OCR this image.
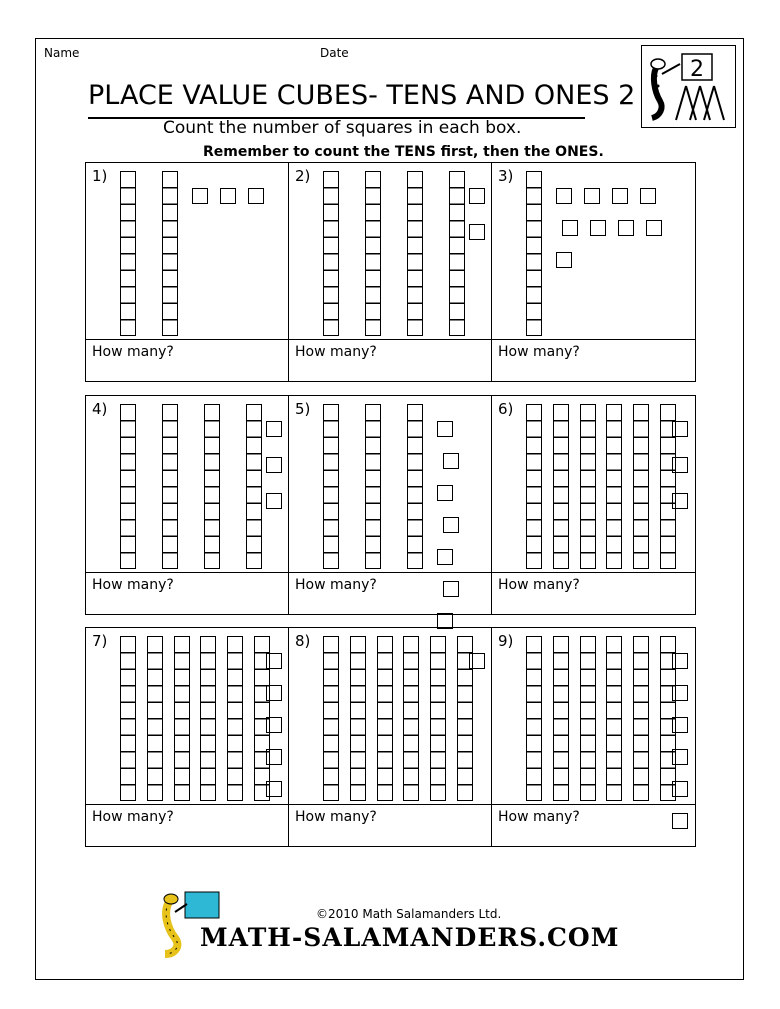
Name	Date
PLACE VALUE CUBES- TENS AND ONES 2
Count the number of squares in each box.
Remember to count the TENS first, then the ONES.
2
1)
How many?
2)
How many?
3)
How many?
4)
How many?
5)
How many?
6)
How many?
7)
How many?
8)
How many?
9)
How many?
©2010 Math Salamanders Ltd.
MATH-SALAMANDERS.COM
